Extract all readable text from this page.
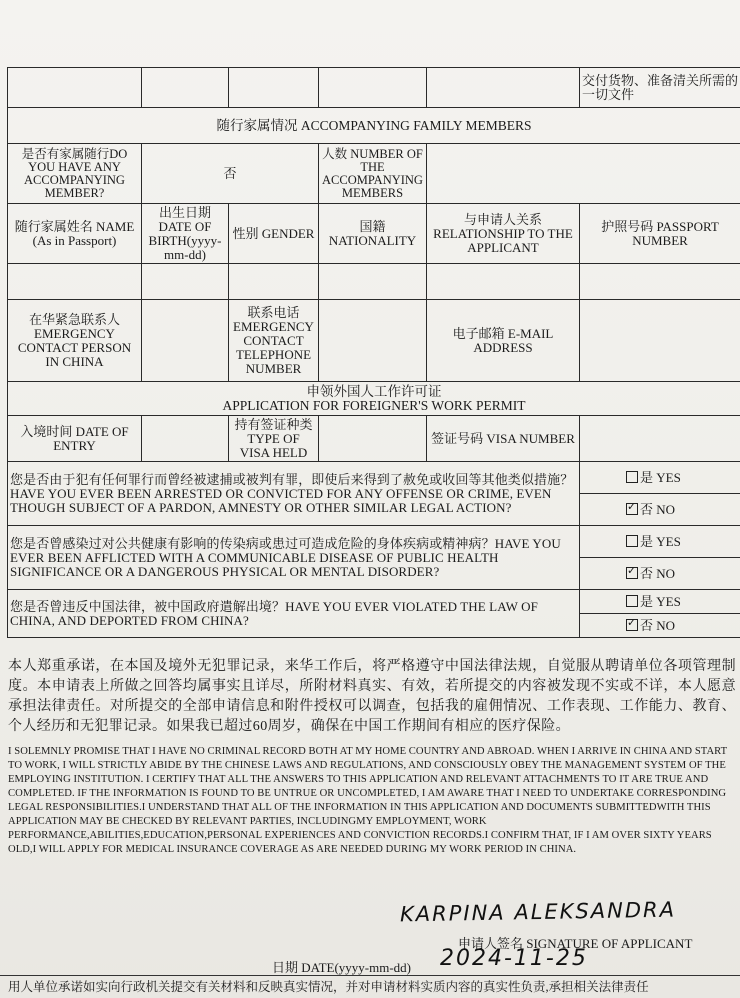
					交付货物、准备清关所需的一切文件
随行家属情况 ACCOMPANYING FAMILY MEMBERS					
是否有家属随行DO YOU HAVE ANY ACCOMPANYING MEMBER?	否		人数 NUMBER OF THE ACCOMPANYING MEMBERS		
随行家属姓名 NAME (As in Passport)	出生日期 DATE OF BIRTH(yyyy-mm-dd)	性别 GENDER	国籍 NATIONALITY	与申请人关系 RELATIONSHIP TO THE APPLICANT	护照号码 PASSPORT NUMBER

在华紧急联系人 EMERGENCY CONTACT PERSON IN CHINA		联系电话 EMERGENCY CONTACT TELEPHONE NUMBER		电子邮箱 E-MAIL ADDRESS	

申领外国人工作许可证
APPLICATION FOR FOREIGNER'S WORK PERMIT					

入境时间 DATE OF ENTRY		持有签证种类 TYPE OF VISA HELD		签证号码 VISA NUMBER	
您是否由于犯有任何罪行而曾经被逮捕或被判有罪，即使后来得到了赦免或收回等其他类似措施？HAVE YOU EVER BEEN ARRESTED OR CONVICTED FOR ANY OFFENSE OR CRIME, EVEN THOUGH SUBJECT OF A PARDON, AMNESTY OR OTHER SIMILAR LEGAL ACTION?					是 YES
✓否 NO
您是否曾感染过对公共健康有影响的传染病或患过可造成危险的身体疾病或精神病？HAVE YOU EVER BEEN AFFLICTED WITH A COMMUNICABLE DISEASE OF PUBLIC HEALTH SIGNIFICANCE OR A DANGEROUS PHYSICAL OR MENTAL DISORDER?					是 YES
✓否 NO
您是否曾违反中国法律，被中国政府遣解出境？HAVE YOU EVER VIOLATED THE LAW OF CHINA, AND DEPORTED FROM CHINA?					是 YES
✓否 NO
本人郑重承诺，在本国及境外无犯罪记录，来华工作后，将严格遵守中国法律法规，自觉服从聘请单位各项管理制度。本申请表上所做之回答均属事实且详尽，所附材料真实、有效，若所提交的内容被发现不实或不详，本人愿意承担法律责任。对所提交的全部申请信息和附件授权可以调查，包括我的雇佣情况、工作表现、工作能力、教育、个人经历和无犯罪记录。如果我已超过60周岁，确保在中国工作期间有相应的医疗保险。
I SOLEMNLY PROMISE THAT I HAVE NO CRIMINAL RECORD BOTH AT MY HOME COUNTRY AND ABROAD. WHEN I ARRIVE IN CHINA AND START TO WORK, I WILL STRICTLY ABIDE BY THE CHINESE LAWS AND REGULATIONS, AND CONSCIOUSLY OBEY THE MANAGEMENT SYSTEM OF THE EMPLOYING INSTITUTION. I CERTIFY THAT ALL THE ANSWERS TO THIS APPLICATION AND RELEVANT ATTACHMENTS TO IT ARE TRUE AND COMPLETED. IF THE INFORMATION IS FOUND TO BE UNTRUE OR UNCOMPLETED, I AM AWARE THAT I NEED TO UNDERTAKE CORRESPONDING LEGAL RESPONSIBILITIES.I UNDERSTAND THAT ALL OF THE INFORMATION IN THIS APPLICATION AND DOCUMENTS SUBMITTEDWITH THIS APPLICATION MAY BE CHECKED BY RELEVANT PARTIES, INCLUDINGMY EMPLOYMENT, WORK PERFORMANCE,ABILITIES,EDUCATION,PERSONAL EXPERIENCES AND CONVICTION RECORDS.I CONFIRM THAT, IF I AM OVER SIXTY YEARS OLD,I WILL APPLY FOR MEDICAL INSURANCE COVERAGE AS ARE NEEDED DURING MY WORK PERIOD IN CHINA.
KARPINA ALEKSANDRA
申请人签名 SIGNATURE OF APPLICANT
日期 DATE(yyyy-mm-dd) 2024-11-25
用人单位承诺如实向行政机关提交有关材料和反映真实情况，并对申请材料实质内容的真实性负责,承担相关法律责任
